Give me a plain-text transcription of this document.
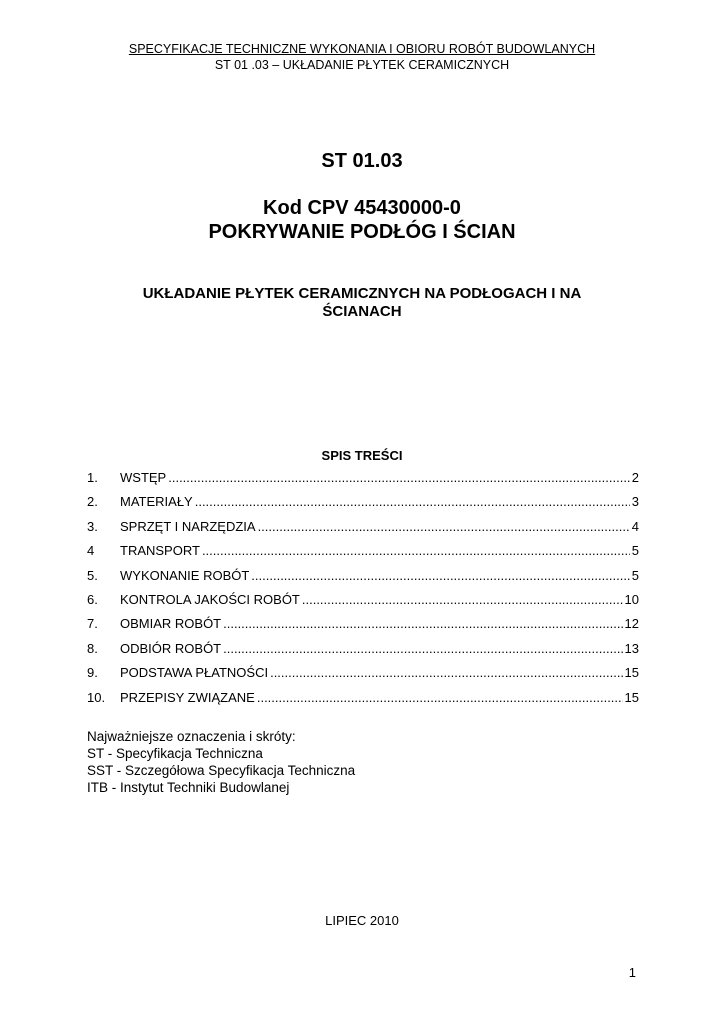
SPECYFIKACJE TECHNICZNE WYKONANIA I OBIORU ROBÓT BUDOWLANYCH
ST 01 .03 – UKŁADANIE PŁYTEK CERAMICZNYCH
ST 01.03
Kod CPV 45430000-0
POKRYWANIE PODŁÓG I ŚCIAN
UKŁADANIE PŁYTEK CERAMICZNYCH NA PODŁOGACH I NA
ŚCIANACH
SPIS TREŚCI
1.	WSTĘP .....	2
2.	MATERIAŁY .....	3
3.	SPRZĘT I NARZĘDZIA .....	4
4	TRANSPORT .....	5
5.	WYKONANIE ROBÓT .....	5
6.	KONTROLA JAKOŚCI ROBÓT .....	10
7.	OBMIAR ROBÓT .....	12
8.	ODBIÓR ROBÓT .....	13
9.	PODSTAWA PŁATNOŚCI .....	15
10.	PRZEPISY ZWIĄZANE .....	15
Najważniejsze oznaczenia i skróty:
ST - Specyfikacja Techniczna
SST - Szczegółowa Specyfikacja Techniczna
ITB - Instytut Techniki Budowlanej
LIPIEC 2010
1
